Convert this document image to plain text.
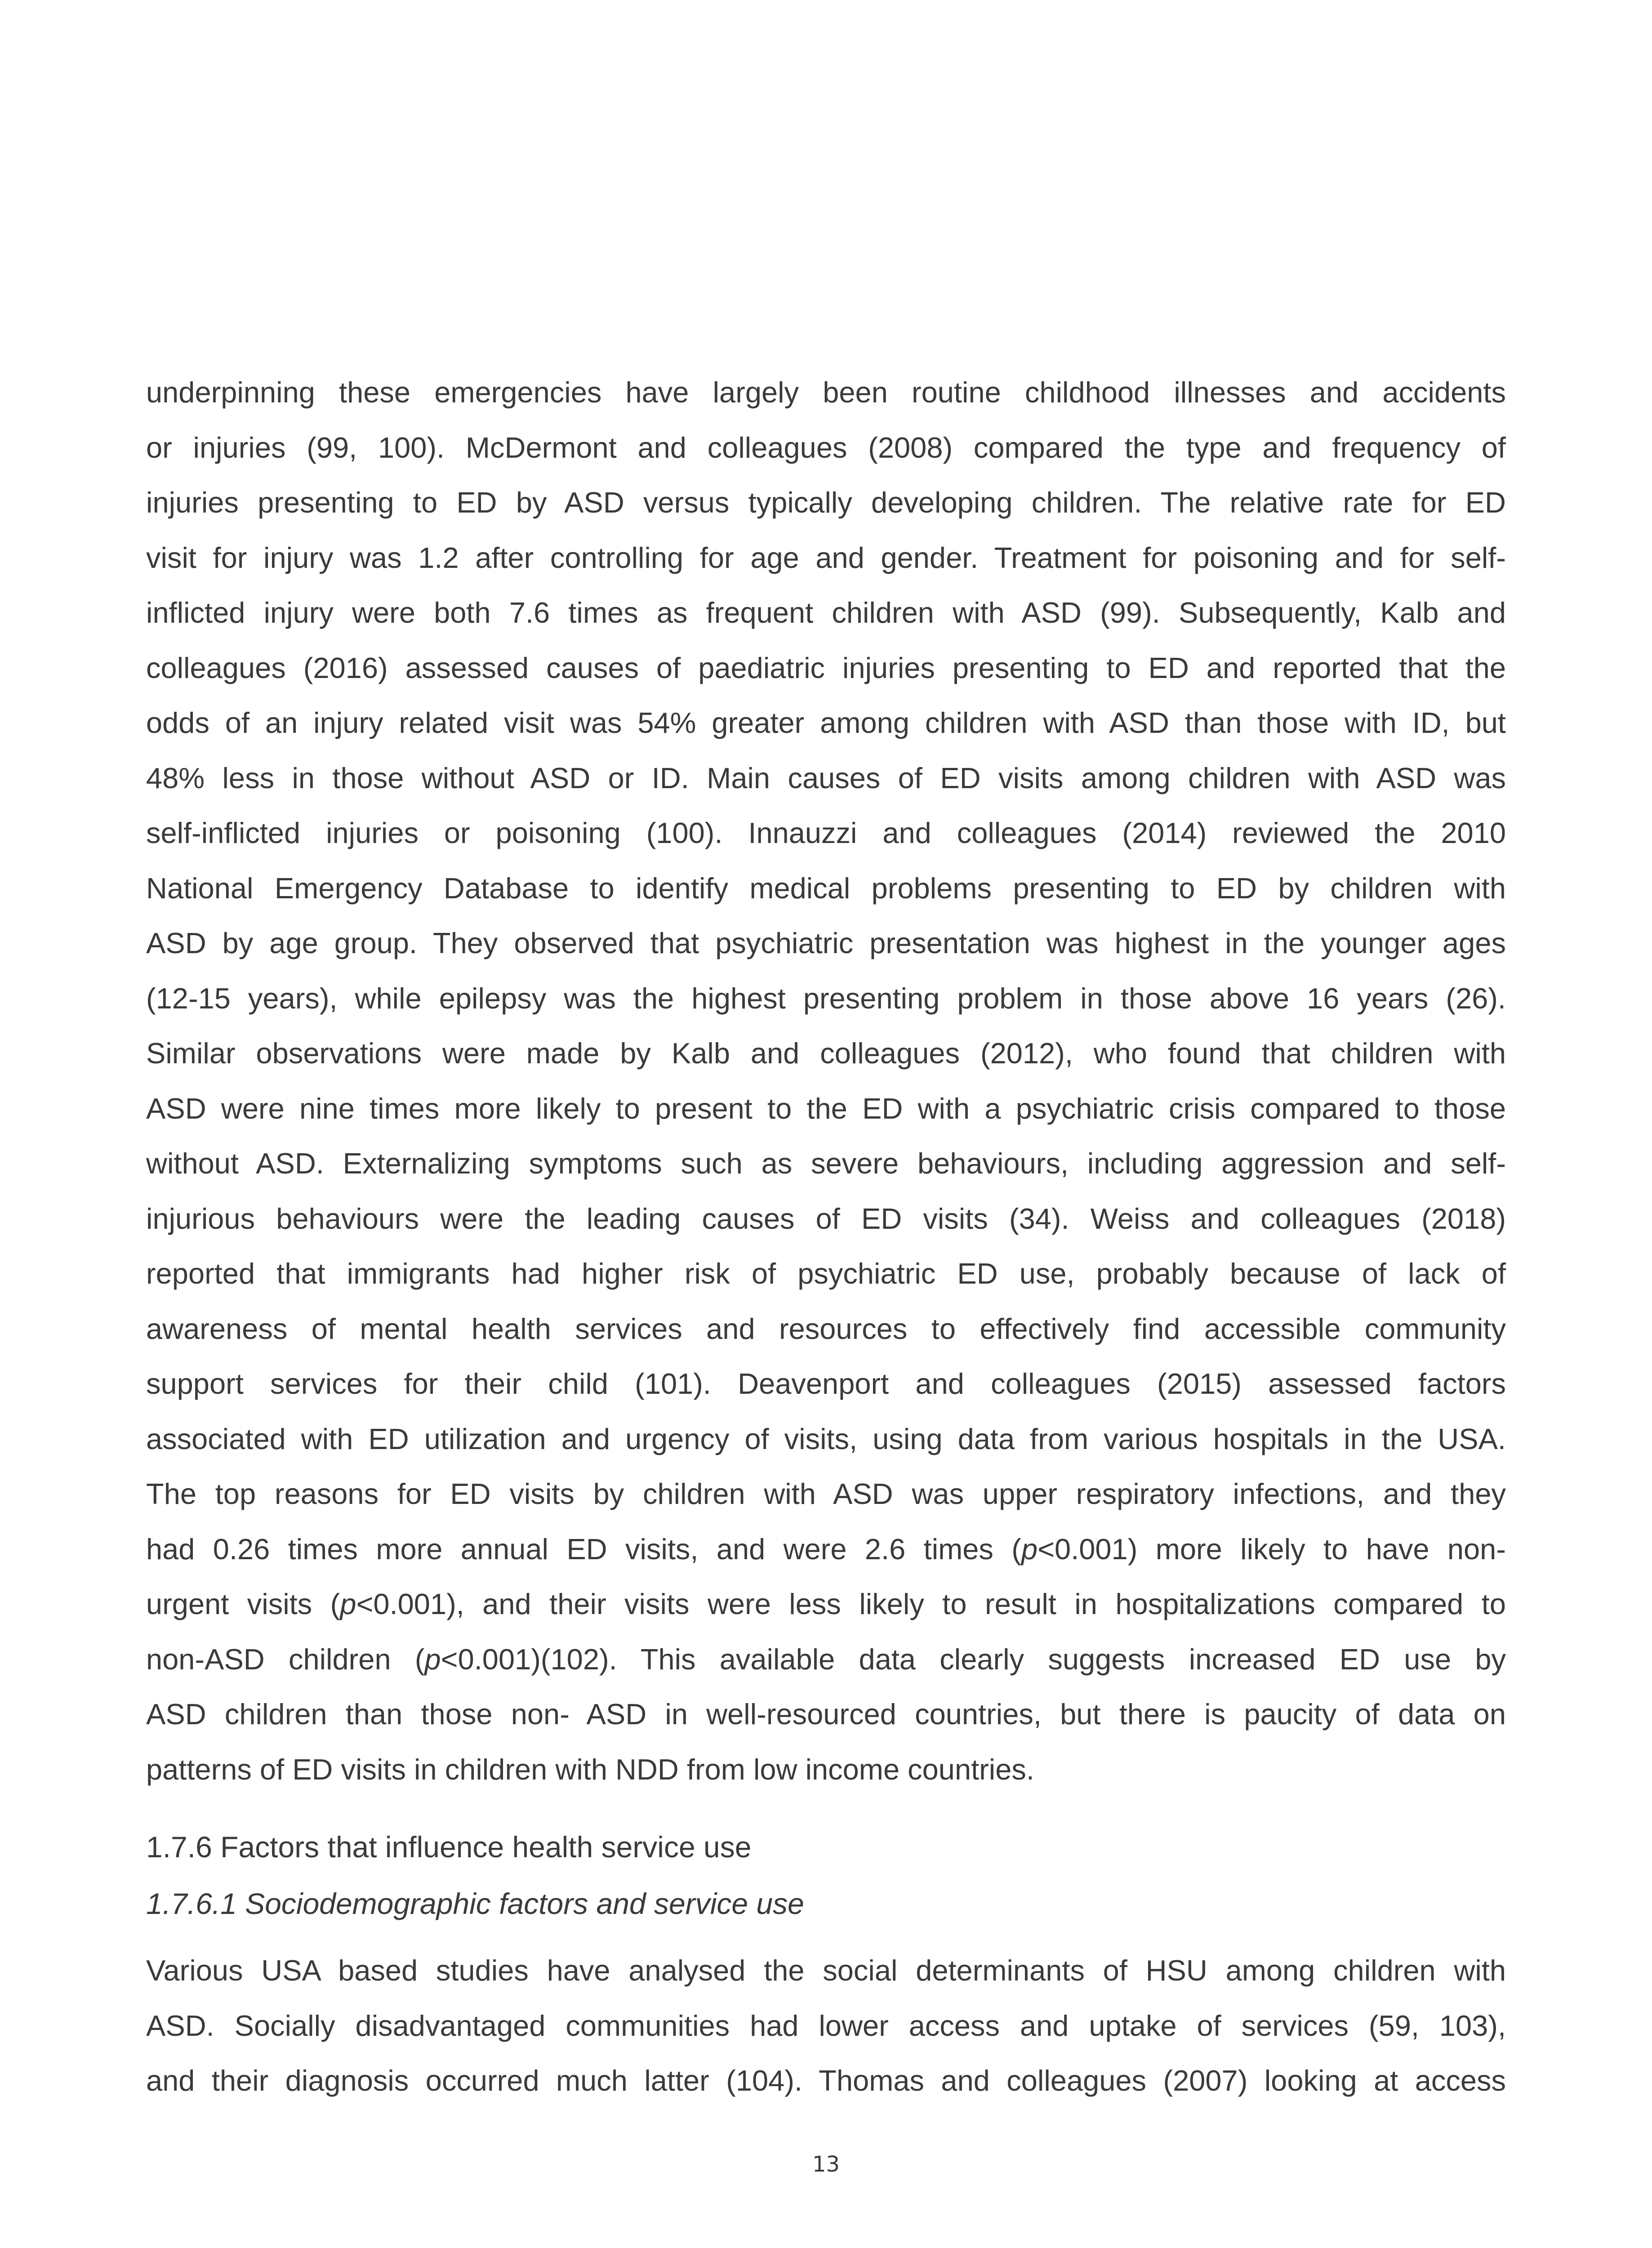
underpinning these emergencies have largely been routine childhood illnesses and accidents
or injuries (99, 100). McDermont and colleagues (2008) compared the type and frequency of
injuries presenting to ED by ASD versus typically developing children. The relative rate for ED
visit for injury was 1.2 after controlling for age and gender. Treatment for poisoning and for self-
inflicted injury were both 7.6 times as frequent children with ASD (99). Subsequently, Kalb and
colleagues (2016) assessed causes of paediatric injuries presenting to ED and reported that the
odds of an injury related visit was 54% greater among children with ASD than those with ID, but
48% less in those without ASD or ID. Main causes of ED visits among children with ASD was
self-inflicted injuries or poisoning (100). Innauzzi and colleagues (2014) reviewed the 2010
National Emergency Database to identify medical problems presenting to ED by children with
ASD by age group. They observed that psychiatric presentation was highest in the younger ages
(12-15 years), while epilepsy was the highest presenting problem in those above 16 years (26).
Similar observations were made by Kalb and colleagues (2012), who found that children with
ASD were nine times more likely to present to the ED with a psychiatric crisis compared to those
without ASD. Externalizing symptoms such as severe behaviours, including aggression and self-
injurious behaviours were the leading causes of ED visits (34). Weiss and colleagues (2018)
reported that immigrants had higher risk of psychiatric ED use, probably because of lack of
awareness of mental health services and resources to effectively find accessible community
support services for their child (101). Deavenport and colleagues (2015) assessed factors
associated with ED utilization and urgency of visits, using data from various hospitals in the USA.
The top reasons for ED visits by children with ASD was upper respiratory infections, and they
had 0.26 times more annual ED visits, and were 2.6 times (p<0.001) more likely to have non-
urgent visits (p<0.001), and their visits were less likely to result in hospitalizations compared to
non-ASD children (p<0.001)(102). This available data clearly suggests increased ED use by
ASD children than those non- ASD in well-resourced countries, but there is paucity of data on
patterns of ED visits in children with NDD from low income countries.
1.7.6 Factors that influence health service use
1.7.6.1 Sociodemographic factors and service use
Various USA based studies have analysed the social determinants of HSU among children with
ASD. Socially disadvantaged communities had lower access and uptake of services (59, 103),
and their diagnosis occurred much latter (104). Thomas and colleagues (2007) looking at access
13
